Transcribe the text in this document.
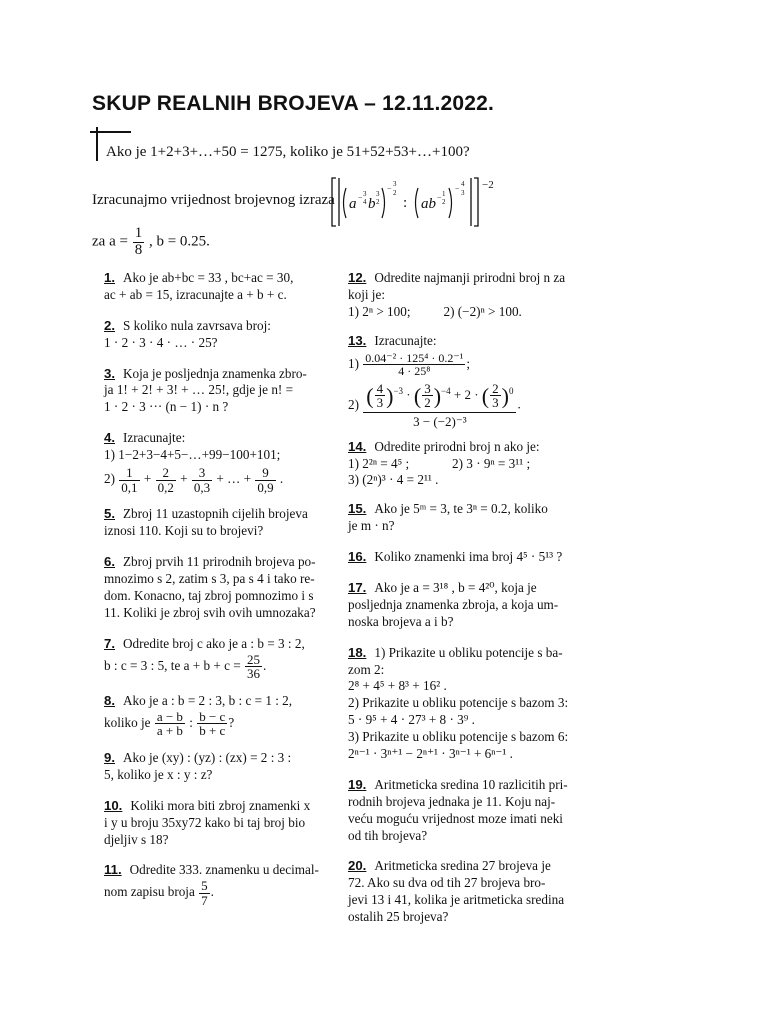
SKUP REALNIH BROJEVA – 12.11.2022.
Ako je 1+2+3+…+50 = 1275, koliko je 51+52+53+…+100?
Izracunajmo vrijednost brojevnog izraza a − 3
4 b
3
2
− 3
2
: ab − 1
2
− 4
3
−2
za $a = \frac{1}{8}$ , b = 0.25.
1. Ako je ab+bc = 33 , bc+ac = 30,
ac + ab = 15, izracunajte a + b + c.
2. S koliko nula zavrsava broj:
1 · 2 · 3 · 4 · … · 25?
3. Koja je posljednja znamenka zbro-
ja 1! + 2! + 3! + … 25!, gdje je n! =
1 · 2 · 3 ··· (n − 1) · n ?
4. Izracunajte:
1) 1−2+3−4+5−…+99−100+101;
$2) \frac{1}{0,1} + \frac{2}{0,2} + \frac{3}{0,3}$ + … + $\frac{9}{0,9}$ .
5. Zbroj 11 uzastopnih cijelih brojeva
iznosi 110. Koji su to brojevi?
6. Zbroj prvih 11 prirodnih brojeva po-
mnozimo s 2, zatim s 3, pa s 4 i tako re-
dom. Konacno, taj zbroj pomnozimo i s
11. Koliki je zbroj svih ovih umnozaka?
7. Odredite broj c ako je a : b = 3 : 2,
b : c = 3 : 5, te $a + b + c = \frac{25}{36}$ .
8. Ako je a : b = 2 : 3, b : c = 1 : 2,
koliko je $\frac{a - b}{a + b}$ : $\frac{b - c}{b + c}$ ?
9. Ako je (xy) : (yz) : (zx) = 2 : 3 :
5, koliko je x : y : z?
10. Koliki mora biti zbroj znamenki x
i y u broju 35xy72 kako bi taj broj bio
djeljiv s 18?
11. Odredite 333. znamenku u decimal-
nom zapisu broja $\frac{5}{7}$ .
12. Odredite najmanji prirodni broj n za
koji je:
1) 2ⁿ > 100;          2) (−2)ⁿ > 100.
13. Izracunajte:
$1) \frac{\text{0.04⁻² · 125⁴ · 0.2⁻¹}}{\text{4 · 25⁸}}$ ;
2) ( $\frac{4}{3} )^{-3}$ · ( $\frac{3}{2} )^{-4} + 2$ · ( $\frac{2}{3} )^0$
3 − (−2)⁻³
.
14. Odredite prirodni broj n ako je:
1) 2²ⁿ = 4⁵ ;             2) 3 · 9ⁿ = 3¹¹ ;
3) (2ⁿ)³ · 4 = 2¹¹ .
15. Ako je 5ᵐ = 3, te 3ⁿ = 0.2, koliko
je m · n?
16. Koliko znamenki ima broj 4⁵ · 5¹³ ?
17. Ako je a = 3¹⁸ , b = 4²⁰, koja je
posljednja znamenka zbroja, a koja um-
noska brojeva a i b?
18. 1) Prikazite u obliku potencije s ba-
zom 2:
2⁸ + 4⁵ + 8³ + 16² .
2) Prikazite u obliku potencije s bazom 3:
5 · 9⁵ + 4 · 27³ + 8 · 3⁹ .
3) Prikazite u obliku potencije s bazom 6:
2ⁿ⁻¹ · 3ⁿ⁺¹ − 2ⁿ⁺¹ · 3ⁿ⁻¹ + 6ⁿ⁻¹ .
19. Aritmeticka sredina 10 razlicitih pri-
rodnih brojeva jednaka je 11. Koju naj-
veću moguću vrijednost moze imati neki
od tih brojeva?
20. Aritmeticka sredina 27 brojeva je
72. Ako su dva od tih 27 brojeva bro-
jevi 13 i 41, kolika je aritmeticka sredina
ostalih 25 brojeva?
